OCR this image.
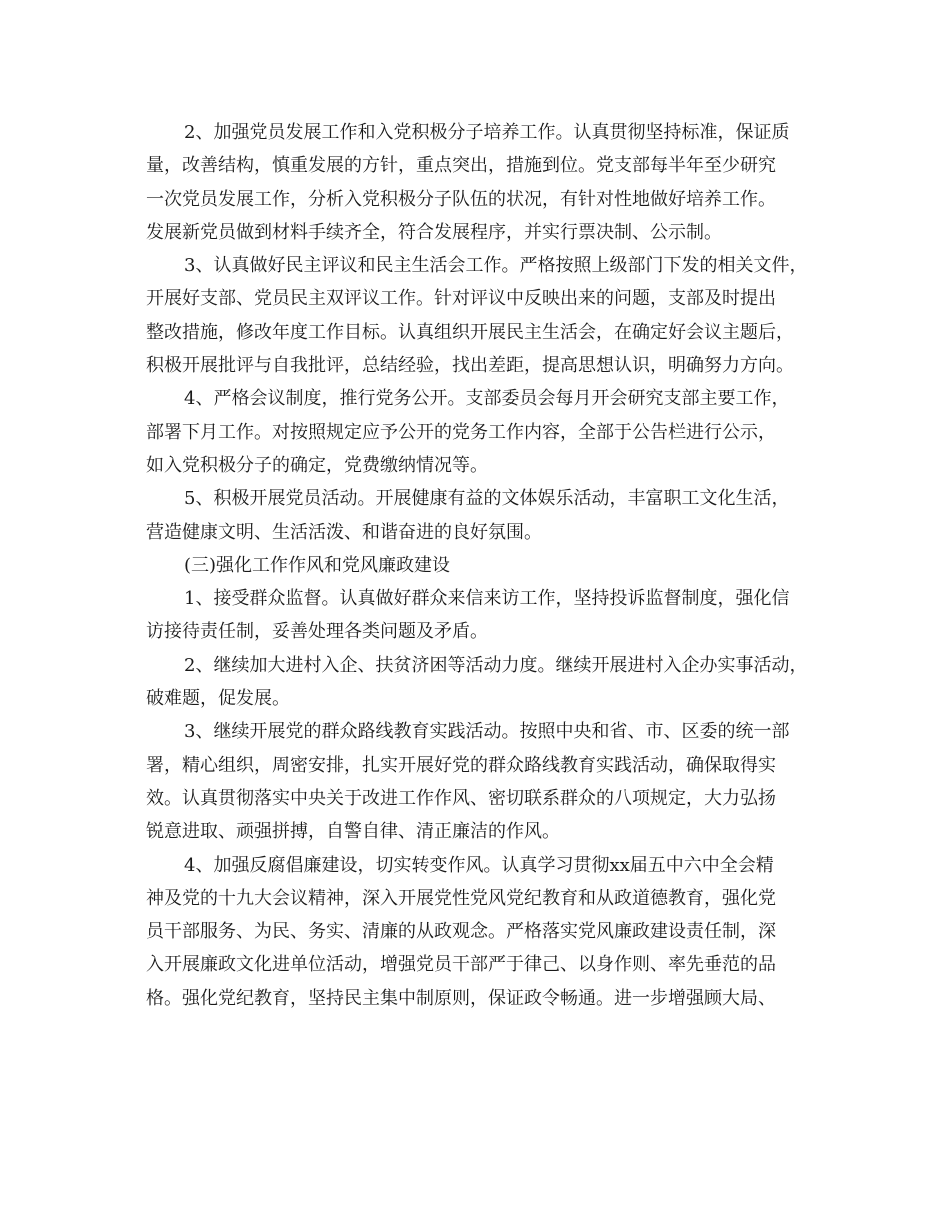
2、加强党员发展工作和入党积极分子培养工作。认真贯彻坚持标准，保证质
量，改善结构，慎重发展的方针，重点突出，措施到位。党支部每半年至少研究
一次党员发展工作，分析入党积极分子队伍的状况，有针对性地做好培养工作。
发展新党员做到材料手续齐全，符合发展程序，并实行票决制、公示制。
3、认真做好民主评议和民主生活会工作。严格按照上级部门下发的相关文件，
开展好支部、党员民主双评议工作。针对评议中反映出来的问题，支部及时提出
整改措施，修改年度工作目标。认真组织开展民主生活会，在确定好会议主题后，
积极开展批评与自我批评，总结经验，找出差距，提高思想认识，明确努力方向。
4、严格会议制度，推行党务公开。支部委员会每月开会研究支部主要工作，
部署下月工作。对按照规定应予公开的党务工作内容，全部于公告栏进行公示，
如入党积极分子的确定，党费缴纳情况等。
5、积极开展党员活动。开展健康有益的文体娱乐活动，丰富职工文化生活，
营造健康文明、生活活泼、和谐奋进的良好氛围。
(三)强化工作作风和党风廉政建设
1、接受群众监督。认真做好群众来信来访工作，坚持投诉监督制度，强化信
访接待责任制，妥善处理各类问题及矛盾。
2、继续加大进村入企、扶贫济困等活动力度。继续开展进村入企办实事活动，
破难题，促发展。
3、继续开展党的群众路线教育实践活动。按照中央和省、市、区委的统一部
署，精心组织，周密安排，扎实开展好党的群众路线教育实践活动，确保取得实
效。认真贯彻落实中央关于改进工作作风、密切联系群众的八项规定，大力弘扬
锐意进取、顽强拼搏，自警自律、清正廉洁的作风。
4、加强反腐倡廉建设，切实转变作风。认真学习贯彻xx届五中六中全会精
神及党的十九大会议精神，深入开展党性党风党纪教育和从政道德教育，强化党
员干部服务、为民、务实、清廉的从政观念。严格落实党风廉政建设责任制，深
入开展廉政文化进单位活动，增强党员干部严于律己、以身作则、率先垂范的品
格。强化党纪教育，坚持民主集中制原则，保证政令畅通。进一步增强顾大局、
